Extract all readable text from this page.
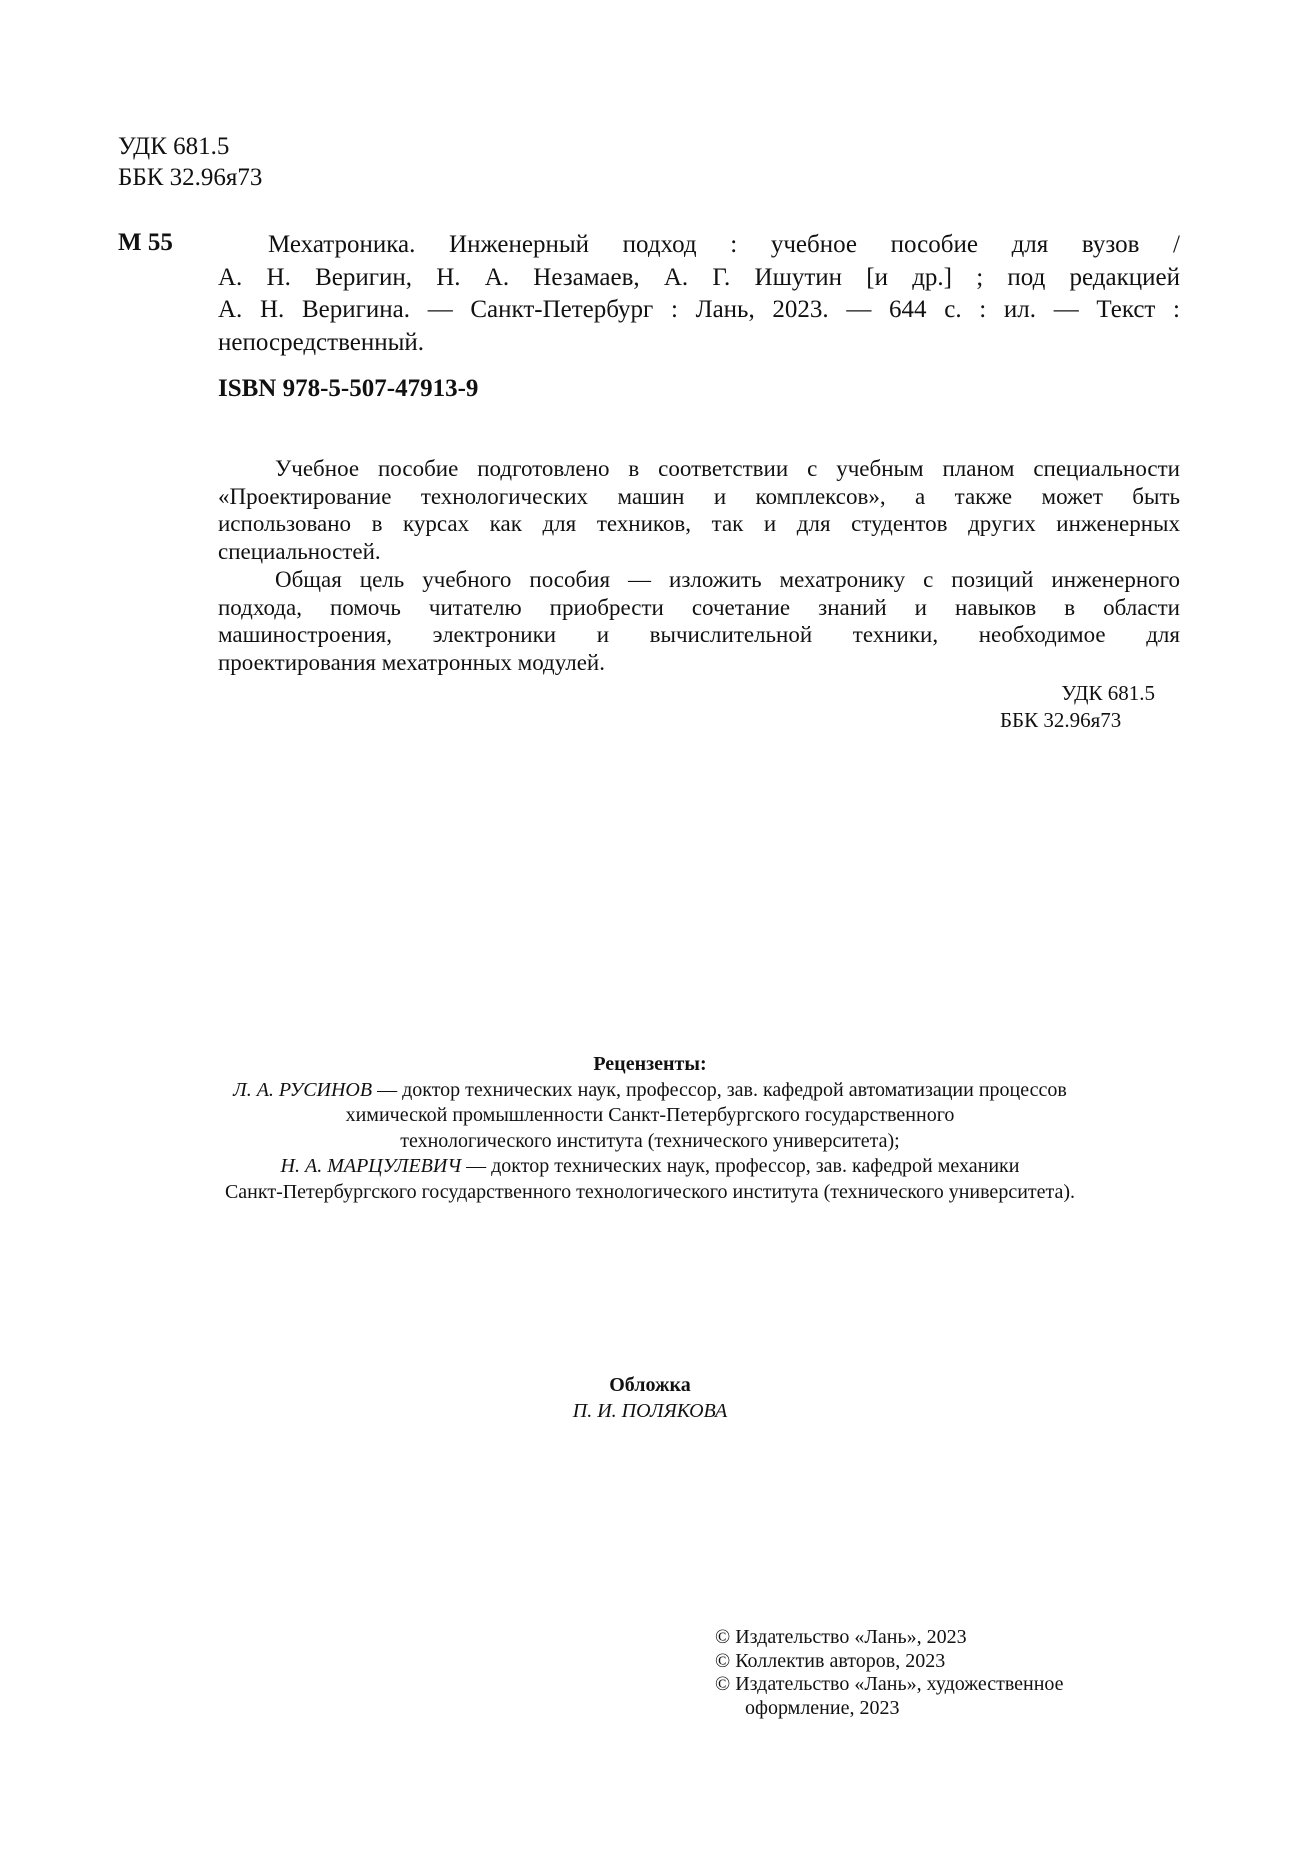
УДК 681.5
ББК 32.96я73
М 55	Мехатроника. Инженерный подход : учебное пособие для вузов /

А. Н. Веригин, Н. А. Незамаев, А. Г. Ишутин [и др.] ; под редакцией

А. Н. Веригина. — Санкт-Петербург : Лань, 2023. — 644 с. : ил. — Текст :

непосредственный.

ISBN 978-5-507-47913-9

Учебное пособие подготовлено в соответствии с учебным планом специальности

«Проектирование технологических машин и комплексов», а также может быть

использовано в курсах как для техников, так и для студентов других инженерных

специальностей.

Общая цель учебного пособия — изложить мехатронику с позиций инженерного

подхода, помочь читателю приобрести сочетание знаний и навыков в области

машиностроения, электроники и вычислительной техники, необходимое для

проектирования мехатронных модулей.

УДК 681.5
ББК 32.96я73
Рецензенты:
Л. А. РУСИНОВ — доктор технических наук, профессор, зав. кафедрой автоматизации процессов
химической промышленности Санкт-Петербургского государственного
технологического института (технического университета);
Н. А. МАРЦУЛЕВИЧ — доктор технических наук, профессор, зав. кафедрой механики
Санкт-Петербургского государственного технологического института (технического университета).
Обложка
П. И. ПОЛЯКОВА
© Издательство «Лань», 2023
© Коллектив авторов, 2023
© Издательство «Лань», художественное
оформление, 2023
